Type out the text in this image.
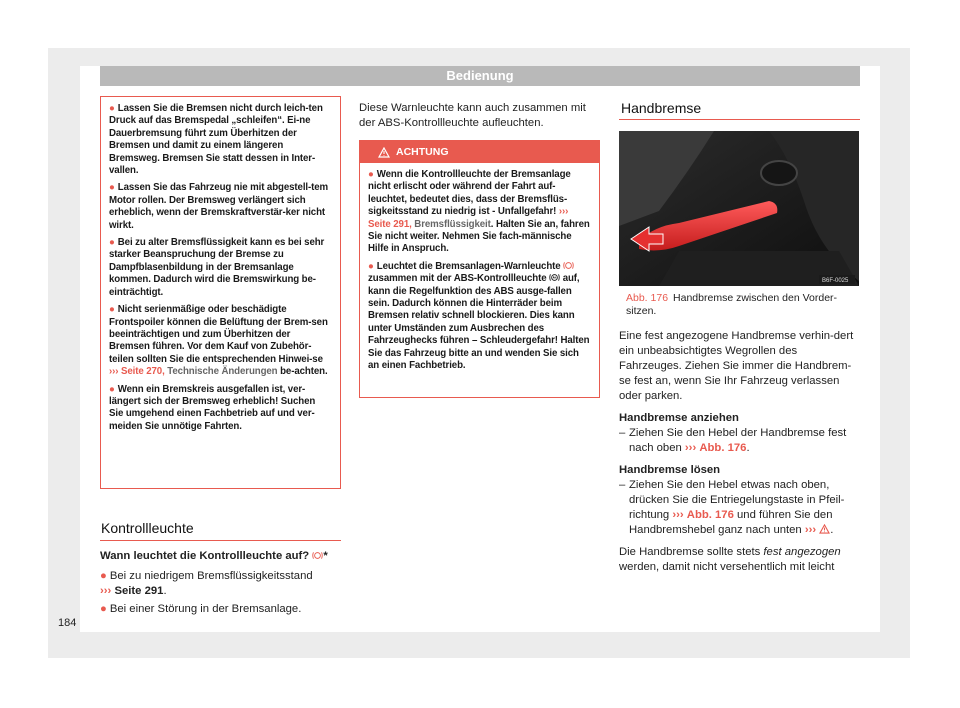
Bedienung
● Lassen Sie die Bremsen nicht durch leich-ten Druck auf das Bremspedal „schleifen“. Ei-ne Dauerbremsung führt zum Überhitzen der Bremsen und damit zu einem längeren Bremsweg. Bremsen Sie statt dessen in Inter-vallen.
● Lassen Sie das Fahrzeug nie mit abgestell-tem Motor rollen. Der Bremsweg verlängert sich erheblich, wenn der Bremskraftverstär-ker nicht wirkt.
● Bei zu alter Bremsflüssigkeit kann es bei sehr starker Beanspruchung der Bremse zu Dampfblasenbildung in der Bremsanlage kommen. Dadurch wird die Bremswirkung be-einträchtigt.
● Nicht serienmäßige oder beschädigte Frontspoiler können die Belüftung der Brem-sen beeinträchtigen und zum Überhitzen der Bremsen führen. Vor dem Kauf von Zubehör-teilen sollten Sie die entsprechenden Hinwei-se ››› Seite 270, Technische Änderungen be-achten.
● Wenn ein Bremskreis ausgefallen ist, ver-längert sich der Bremsweg erheblich! Suchen Sie umgehend einen Fachbetrieb auf und ver-meiden Sie unnötige Fahrten.
Kontrollleuchte
Wann leuchtet die Kontrollleuchte auf? *
● Bei zu niedrigem Bremsflüssigkeitsstand
››› Seite 291.
● Bei einer Störung in der Bremsanlage.
184
Diese Warnleuchte kann auch zusammen mit der ABS-Kontrollleuchte aufleuchten.
ACHTUNG
● Wenn die Kontrollleuchte der Bremsanlage nicht erlischt oder während der Fahrt auf-leuchtet, bedeutet dies, dass der Bremsflüs-sigkeitsstand zu niedrig ist - Unfallgefahr! ››› Seite 291, Bremsflüssigkeit. Halten Sie an, fahren Sie nicht weiter. Nehmen Sie fach-männische Hilfe in Anspruch.
● Leuchtet die Bremsanlagen-Warnleuchte  zusammen mit der ABS-Kontrollleuchte auf, kann die Regelfunktion des ABS ausge-fallen sein. Dadurch können die Hinterräder beim Bremsen relativ schnell blockieren. Dies kann unter Umständen zum Ausbrechen des Fahrzeughecks führen – Schleudergefahr! Halten Sie das Fahrzeug bitte an und wenden Sie sich an einen Fachbetrieb.
Handbremse
B6F-0025
Abb. 176 Handbremse zwischen den Vorder-sitzen.
Eine fest angezogene Handbremse verhin-dert ein unbeabsichtigtes Wegrollen des Fahrzeuges. Ziehen Sie immer die Handbrem-se fest an, wenn Sie Ihr Fahrzeug verlassen oder parken.
Handbremse anziehen
– Ziehen Sie den Hebel der Handbremse fest nach oben ››› Abb. 176.
Handbremse lösen
– Ziehen Sie den Hebel etwas nach oben, drücken Sie die Entriegelungstaste in Pfeil-richtung ››› Abb. 176 und führen Sie den Handbremshebel ganz nach unten ››› .
Die Handbremse sollte stets fest angezogen werden, damit nicht versehentlich mit leicht
